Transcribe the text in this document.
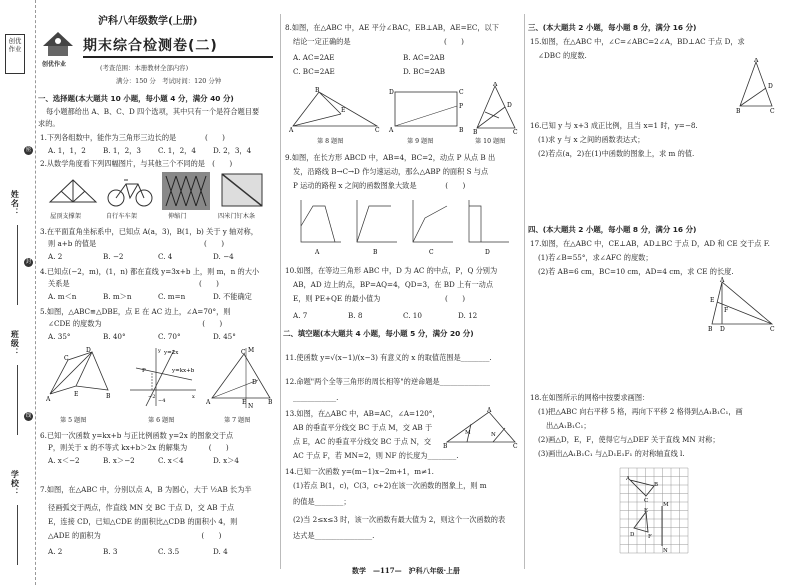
创优作业
姓名：
班级：
学校：
密
封
线
沪科八年级数学(上册)
创优作业
期末综合检测卷(二)
(考查范围：本册教材全部内容)
满分：150 分　考试时间：120 分钟
一、选择题(本大题共 10 小题，每小题 4 分，满分 40 分)
每小题都给出 A、B、C、D 四个选项，其中只有一个是符合题目要
求的。
1.下列各组数中，能作为三角形三边长的是　　　　(　　)
A. 1，1，2 B. 1，2，3 C. 1，2，4 D. 2，3，4
2.从数学角度看下列四幅图片，与其他三个不同的是　(　　)
屋顶支撑架	自行车车架	伸缩门	四米门钉木条
3.在平面直角坐标系中，已知点 A(a，3)，B(1，b) 关于 y 轴对称，
则 a+b 的值是　　　　　　　　　　　　　　　(　　)
A. 2	B. −2	C. 4	D. −4
4.已知点(−2，m)，(1，n) 都在直线 y=3x+b 上，则 m，n 的大小
关系是　　　　　　　　　　　　　　　　　　(　　)
A. m＜n	B. m＞n	C. m=n	D. 不能确定
5.如图，△ABC≌△DBE，点 E 在 AC 边上，∠A=70°，则
∠CDE 的度数为　　　　　　　　　　　　　　(　　)
A. 35°	B. 40°	C. 70°	D. 45°
D
A	B
C
E
y=2x
y=kx+b
P
−2
−4
x
y	C
A	B
M
N
D
E
第 5 题图	第 6 题图	第 7 题图
6.已知一次函数 y=kx+b 与正比例函数 y=2x 的图象交于点
P，则关于 x 的不等式 kx+b＞2x 的解集为　　　(　　)
A. x＜−2	B. x＞−2	C. x＜4	D. x＞4
7.如图，在△ABC 中，分别以点 A，B 为圆心，大于 ½AB 长为半
径画弧交于两点，作直线 MN 交 BC 于点 D，交 AB 于点
E，连接 CD，已知△CDE 的面积比△CDB 的面积小 4，则
△ADE 的面积为　　　　　　　　　　　　　　(　　)
A. 2	B. 3	C. 3.5	D. 4
8.如图，在△ABC 中，AE 平分∠BAC，EB⊥AB，AE=EC，以下
结论一定正确的是　　　　　　　　　　　　　(　　)
A. AC=2AE	B. AC=2AB
C. BC=2AE	D. BC=2AB
A	C
B
E
D	C
A	B
P
A
B	C
D
第 8 题图	第 9 题图	第 10 题图
9.如图，在长方形 ABCD 中，AB=4，BC=2，动点 P 从点 B 出
发，沿路线 B→C→D 作匀速运动，那么△ABP 的面积 S 与点
P 运动的路程 x 之间的函数图象大致是　　　　(　　)
A	B	C	D
10.如图，在等边三角形 ABC 中，D 为 AC 的中点，P，Q 分别为
AB，AD 边上的点，BP=AQ=4，QD=3，在 BD 上有一动点
E，则 PE+QE 的最小值为　　　　　　　　　(　　)
A. 7	B. 8	C. 10	D. 12
二、填空题(本大题共 4 小题，每小题 5 分，满分 20 分)
11.使函数 y=√(x−1)/(x−3) 有意义的 x 的取值范围是________.
12.命题"两个全等三角形的周长相等"的逆命题是______________
____________.
13.如图，在△ABC 中，AB=AC，∠A=120°，
AB 的垂直平分线交 BC 于点 M，交 AB 于
点 E，AC 的垂直平分线交 BC 于点 N，交
AC 于点 F，若 MN=2，则 NF 的长度为________.
B	C
A
M	N
14.已知一次函数 y=(m−1)x−2m+1，m≠1.
(1)若点 B(1，c)，C(3，c+2)在该一次函数的图象上，则 m
的值是________；
(2)当 2≤x≤3 时，该一次函数有最大值为 2，则这个一次函数的表
达式是________________.
三、(本大题共 2 小题，每小题 8 分，满分 16 分)
15.如图，在△ABC 中，∠C=∠ABC=2∠A，BD⊥AC 于点 D，求
∠DBC 的度数.
A
B	C
D
16.已知 y 与 x+3 成正比例，且当 x=1 时，y=−8.
(1)求 y 与 x 之间的函数表达式；
(2)若点(a，2)在(1)中函数的图象上，求 m 的值.
四、(本大题共 2 小题，每小题 8 分，满分 16 分)
17.如图，在△ABC 中，CE⊥AB，AD⊥BC 于点 D，AD 和 CE 交于点 F.
(1)若∠B=55°，求∠AFC 的度数；
(2)若 AB=6 cm，BC=10 cm，AD=4 cm，求 CE 的长度.
A
B	C
D
E
F
18.在如图所示的网格中按要求画图：
(1)把△ABC 向右平移 5 格，再向下平移 2 格得到△A₁B₁C₁，画
出△A₁B₁C₁；
(2)画△D，E，F，使得它与△DEF 关于直线 MN 对称；
(3)画出△A₁B₁C₁ 与△D₁E₁F₁ 的对称轴直线 l.
A
B
C
D
E
F
M
N
数学　—117—　沪科八年级·上册
